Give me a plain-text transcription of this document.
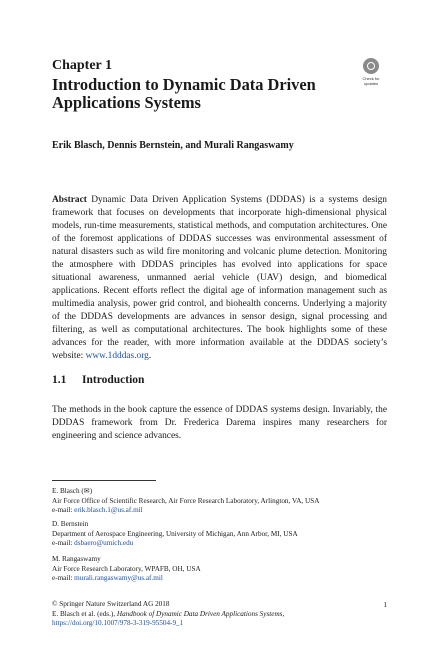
Chapter 1
Introduction to Dynamic Data Driven Applications Systems
Check for updates
Erik Blasch, Dennis Bernstein, and Murali Rangaswamy
Abstract Dynamic Data Driven Application Systems (DDDAS) is a systems design framework that focuses on developments that incorporate high-dimensional physical models, run-time measurements, statistical methods, and computation architectures. One of the foremost applications of DDDAS successes was environmental assessment of natural disasters such as wild fire monitoring and volcanic plume detection. Monitoring the atmosphere with DDDAS principles has evolved into applications for space situational awareness, unmanned aerial vehicle (UAV) design, and biomedical applications. Recent efforts reflect the digital age of information management such as multimedia analysis, power grid control, and biohealth concerns. Underlying a majority of the DDDAS developments are advances in sensor design, signal processing and filtering, as well as computational architectures. The book highlights some of these advances for the reader, with more information available at the DDDAS society’s website: www.1dddas.org.
1.1 Introduction
The methods in the book capture the essence of DDDAS systems design. Invariably, the DDDAS framework from Dr. Frederica Darema inspires many researchers for engineering and science advances.
E. Blasch (✉)
Air Force Office of Scientific Research, Air Force Research Laboratory, Arlington, VA, USA
e-mail: erik.blasch.1@us.af.mil
D. Bernstein
Department of Aerospace Engineering, University of Michigan, Ann Arbor, MI, USA
e-mail: dsbaero@umich.edu
M. Rangaswamy
Air Force Research Laboratory, WPAFB, OH, USA
e-mail: murali.rangaswamy@us.af.mil
© Springer Nature Switzerland AG 2018
E. Blasch et al. (eds.), Handbook of Dynamic Data Driven Applications Systems,
https://doi.org/10.1007/978-3-319-95504-9_1
1
